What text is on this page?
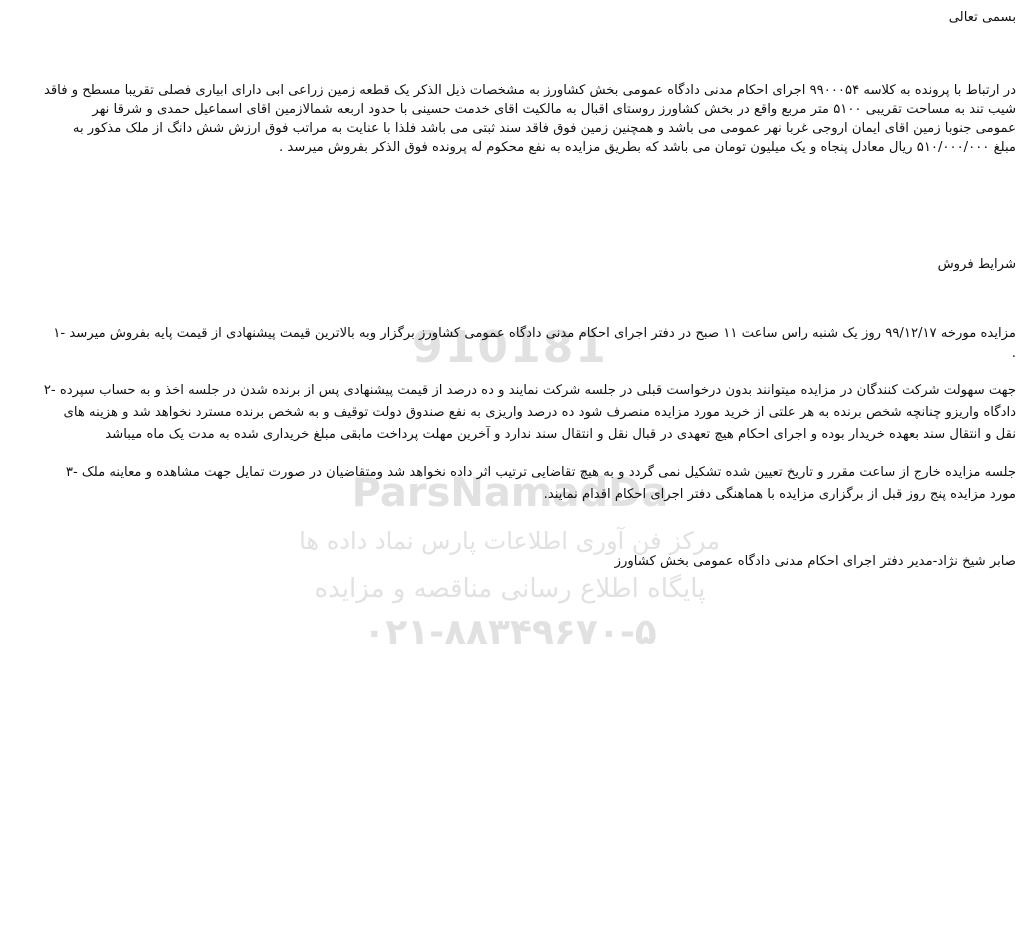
910181
ParsNamadDa
مرکز فن آوری اطلاعات پارس نماد داده ها
پایگاه اطلاع رسانی مناقصه و مزایده
۰۲۱-۸۸۳۴۹۶۷۰-۵
بسمی تعالی
در ارتباط با پرونده به کلاسه ۹۹۰۰۰۵۴ اجرای احکام مدنی دادگاه عمومی بخش کشاورز به مشخصات ذیل الذکر یک قطعه زمین زراعی ابی دارای ابیاری فصلی تقریبا مسطح و فاقد
شیب تند به مساحت تقریبی ۵۱۰۰ متر مربع واقع در بخش کشاورز روستای اقبال به مالکیت اقای خدمت حسینی با حدود اربعه شمالازمین اقای اسماعیل حمدی و شرقا نهر
عمومی جنوبا زمین اقای ایمان اروجی غربا نهر عمومی می باشد و همچنین زمین فوق فاقد سند ثبتی می باشد فلذا با عنایت به مراتب فوق ارزش شش دانگ از ملک مذکور به
مبلغ ۵۱۰/۰۰۰/۰۰۰ ریال معادل پنجاه و یک میلیون تومان می باشد که بطریق مزایده به نفع محکوم له پرونده فوق الذکر بفروش میرسد .
شرایط فروش
مزایده مورخه ۹۹/۱۲/۱۷ روز یک شنبه راس ساعت ۱۱ صبح در دفتر اجرای احکام مدنی دادگاه عمومی کشاورز برگزار وبه بالاترین قیمت پیشنهادی از قیمت پایه بفروش میرسد -۱
.
جهت سهولت شرکت کنندگان در مزایده میتوانند بدون درخواست قبلی در جلسه شرکت نمایند و ده درصد از قیمت پیشنهادی پس از برنده شدن در جلسه اخذ و به حساب سپرده -۲
دادگاه واریزو چنانچه شخص برنده به هر علتی از خرید مورد مزایده منصرف شود ده درصد واریزی به نفع صندوق دولت توقیف و به شخص برنده مسترد نخواهد شد و هزینه های
نقل و انتقال سند بعهده خریدار بوده و اجرای احکام هیچ تعهدی در قبال نقل و انتقال سند ندارد و آخرین مهلت پرداخت مابقی مبلغ خریداری شده به مدت یک ماه میباشد
جلسه مزایده خارج از ساعت مقرر و تاریخ تعیین شده تشکیل نمی گردد و به هیچ تقاضایی ترتیب اثر داده نخواهد شد ومتقاضیان در صورت تمایل جهت مشاهده و معاینه ملک -۳
مورد مزایده پنج روز قبل از برگزاری مزایده با هماهنگی دفتر اجرای احکام اقدام نمایند.
صابر شیخ نژاد-مدیر دفتر اجرای احکام مدنی دادگاه عمومی بخش کشاورز
